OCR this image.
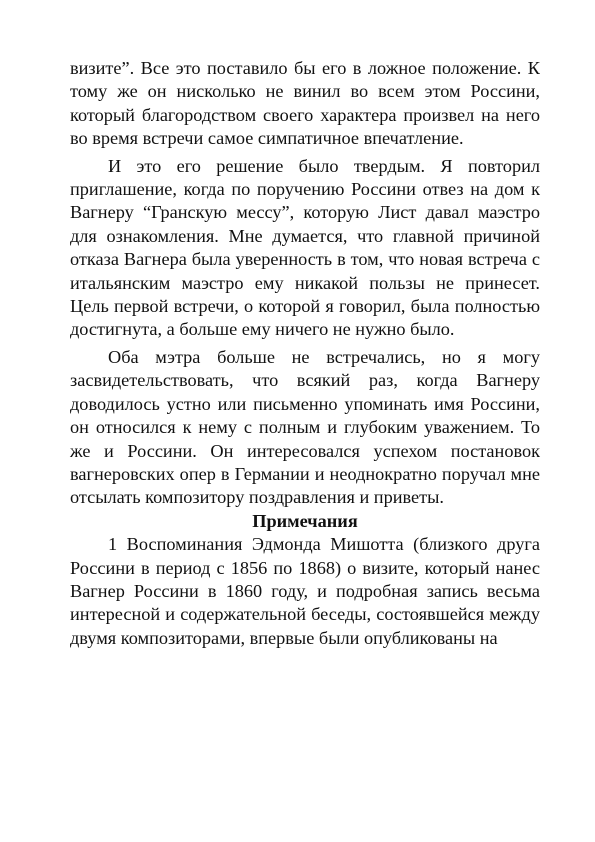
визите”. Все это поставило бы его в ложное положение. К тому же он нисколько не винил во всем этом Россини, который благородством своего характера произвел на него во время встречи самое симпатичное впечатление.

И это его решение было твердым. Я повторил приглашение, когда по поручению Россини отвез на дом к Вагнеру “Гранскую мессу”, которую Лист давал маэстро для ознакомления. Мне думается, что главной причиной отказа Вагнера была уверенность в том, что новая встреча с итальянским маэстро ему никакой пользы не принесет. Цель первой встречи, о которой я говорил, была полностью достигнута, а больше ему ничего не нужно было.

Оба мэтра больше не встречались, но я могу засвидетельствовать, что всякий раз, когда Вагнеру доводилось устно или письменно упоминать имя Россини, он относился к нему с полным и глубоким уважением. То же и Россини. Он интересовался успехом постановок вагнеровских опер в Германии и неоднократно поручал мне отсылать композитору поздравления и приветы.

Примечания

1 Воспоминания Эдмонда Мишотта (близкого друга Россини в период с 1856 по 1868) о визите, который нанес Вагнер Россини в 1860 году, и подробная запись весьма интересной и содержательной беседы, состоявшейся между двумя композиторами, впервые были опубликованы на
